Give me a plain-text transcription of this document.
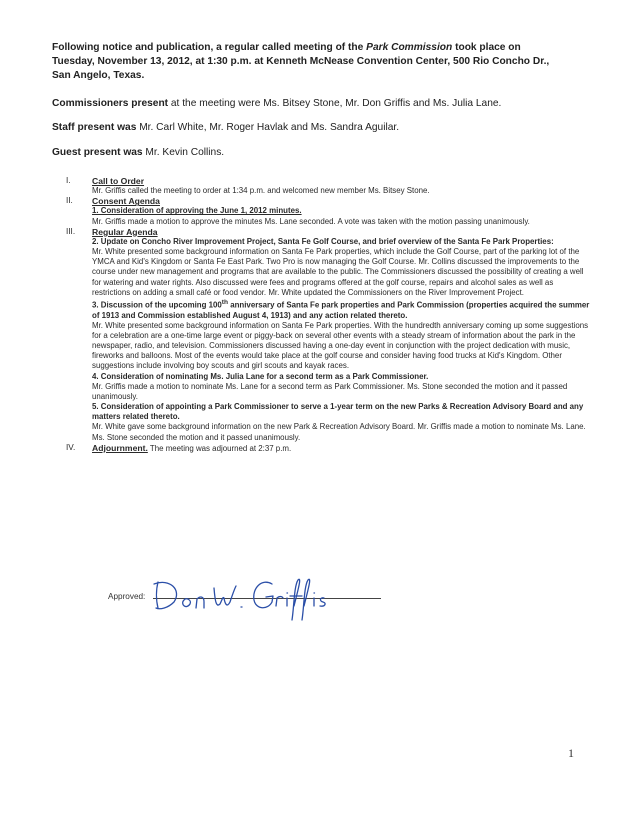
Following notice and publication, a regular called meeting of the Park Commission took place on
Tuesday, November 13, 2012, at 1:30 p.m. at Kenneth McNease Convention Center, 500 Rio Concho Dr.,
San Angelo, Texas.
Commissioners present at the meeting were Ms. Bitsey Stone, Mr. Don Griffis and Ms. Julia Lane.
Staff present was Mr. Carl White, Mr. Roger Havlak and Ms. Sandra Aguilar.
Guest present was Mr. Kevin Collins.
I.	Call to Order
Mr. Griffis called the meeting to order at 1:34 p.m. and welcomed new member Ms. Bitsey Stone.
II.	Consent Agenda
1. Consideration of approving the June 1, 2012 minutes.
Mr. Griffis made a motion to approve the minutes Ms. Lane seconded. A vote was taken with the motion passing unanimously.
III.	Regular Agenda
2. Update on Concho River Improvement Project, Santa Fe Golf Course, and brief overview of the Santa Fe Park Properties:
Mr. White presented some background information on Santa Fe Park properties, which include the Golf Course, part of the parking lot of the YMCA and Kid's Kingdom or Santa Fe East Park. Two Pro is now managing the Golf Course. Mr. Collins discussed the improvements to the course under new management and programs that are available to the public. The Commissioners discussed the possibility of creating a well for watering and water rights. Also discussed were fees and programs offered at the golf course, repairs and alcohol sales as well as restrictions on adding a small café or food vendor. Mr. White updated the Commissioners on the River Improvement Project.
3. Discussion of the upcoming 100th anniversary of Santa Fe park properties and Park Commission (properties acquired the summer of 1913 and Commission established August 4, 1913) and any action related thereto.
Mr. White presented some background information on Santa Fe Park properties. With the hundredth anniversary coming up some suggestions for a celebration are a one-time large event or piggy-back on several other events with a steady stream of information about the park in the newspaper, radio, and television. Commissioners discussed having a one-day event in conjunction with the project dedication with music, fireworks and balloons. Most of the events would take place at the golf course and consider having food trucks at Kid's Kingdom. Other suggestions include involving boy scouts and girl scouts and kayak races.
4. Consideration of nominating Ms. Julia Lane for a second term as a Park Commissioner.
Mr. Griffis made a motion to nominate Ms. Lane for a second term as Park Commissioner. Ms. Stone seconded the motion and it passed unanimously.
5. Consideration of appointing a Park Commissioner to serve a 1-year term on the new Parks & Recreation Advisory Board and any matters related thereto.
Mr. White gave some background information on the new Park & Recreation Advisory Board. Mr. Griffis made a motion to nominate Ms. Lane. Ms. Stone seconded the motion and it passed unanimously.
IV.	Adjournment. The meeting was adjourned at 2:37 p.m.
Approved:
1
